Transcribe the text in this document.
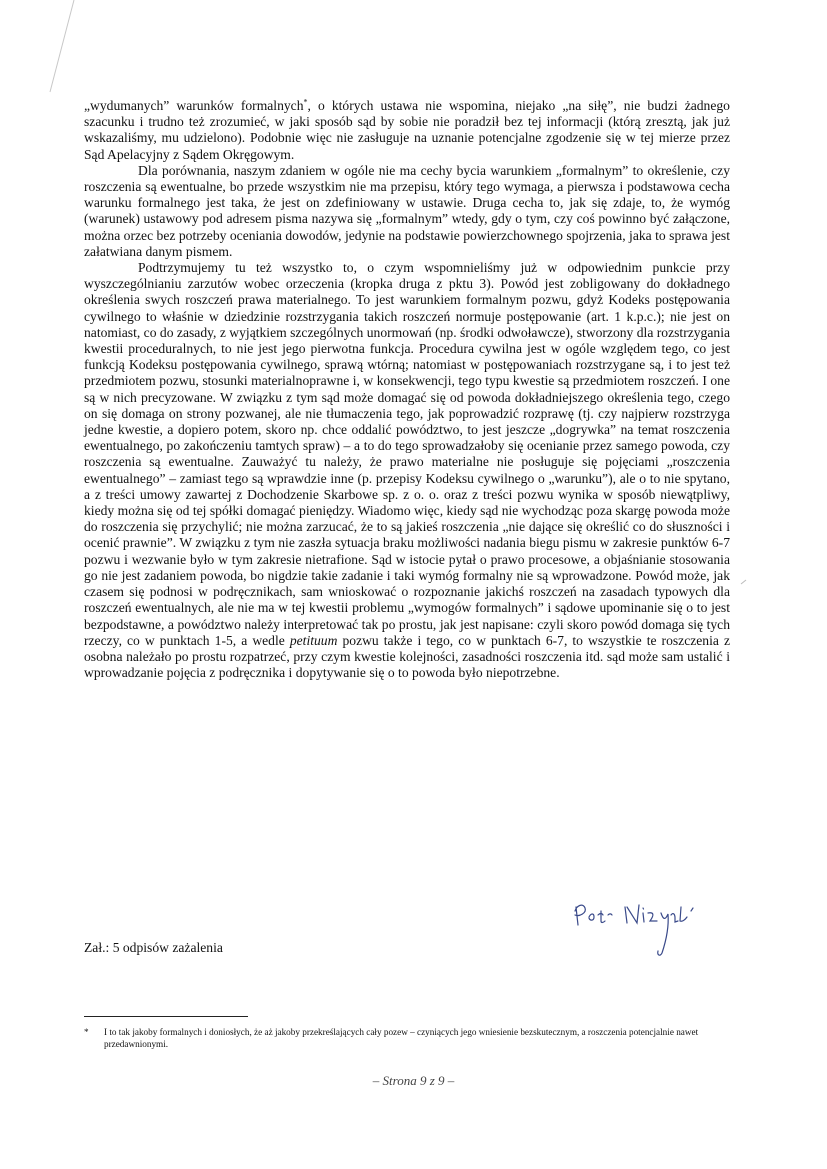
„wydumanych” warunków formalnych*, o których ustawa nie wspomina, niejako „na siłę”, nie budzi żadnego szacunku i trudno też zrozumieć, w jaki sposób sąd by sobie nie poradził bez tej informacji (którą zresztą, jak już wskazaliśmy, mu udzielono). Podobnie więc nie zasługuje na uznanie potencjalne zgodzenie się w tej mierze przez Sąd Apelacyjny z Sądem Okręgowym.

Dla porównania, naszym zdaniem w ogóle nie ma cechy bycia warunkiem „formalnym” to określenie, czy roszczenia są ewentualne, bo przede wszystkim nie ma przepisu, który tego wymaga, a pierwsza i podstawowa cecha warunku formalnego jest taka, że jest on zdefiniowany w ustawie. Druga cecha to, jak się zdaje, to, że wymóg (warunek) ustawowy pod adresem pisma nazywa się „formalnym” wtedy, gdy o tym, czy coś powinno być załączone, można orzec bez potrzeby oceniania dowodów, jedynie na podstawie powierzchownego spojrzenia, jaka to sprawa jest załatwiana danym pismem.

Podtrzymujemy tu też wszystko to, o czym wspomnieliśmy już w odpowiednim punkcie przy wyszczególnianiu zarzutów wobec orzeczenia (kropka druga z pktu 3). Powód jest zobligowany do dokładnego określenia swych roszczeń prawa materialnego. To jest warunkiem formalnym pozwu, gdyż Kodeks postępowania cywilnego to właśnie w dziedzinie rozstrzygania takich roszczeń normuje postępowanie (art. 1 k.p.c.); nie jest on natomiast, co do zasady, z wyjątkiem szczególnych unormowań (np. środki odwoławcze), stworzony dla rozstrzygania kwestii proceduralnych, to nie jest jego pierwotna funkcja. Procedura cywilna jest w ogóle względem tego, co jest funkcją Kodeksu postępowania cywilnego, sprawą wtórną; natomiast w postępowaniach rozstrzygane są, i to jest też przedmiotem pozwu, stosunki materialnoprawne i, w konsekwencji, tego typu kwestie są przedmiotem roszczeń. I one są w nich precyzowane. W związku z tym sąd może domagać się od powoda dokładniejszego określenia tego, czego on się domaga on strony pozwanej, ale nie tłumaczenia tego, jak poprowadzić rozprawę (tj. czy najpierw rozstrzyga jedne kwestie, a dopiero potem, skoro np. chce oddalić powództwo, to jest jeszcze „dogrywka” na temat roszczenia ewentualnego, po zakończeniu tamtych spraw) – a to do tego sprowadzałoby się ocenianie przez samego powoda, czy roszczenia są ewentualne. Zauważyć tu należy, że prawo materialne nie posługuje się pojęciami „roszczenia ewentualnego” – zamiast tego są wprawdzie inne (p. przepisy Kodeksu cywilnego o „warunku”), ale o to nie spytano, a z treści umowy zawartej z Dochodzenie Skarbowe sp. z o. o. oraz z treści pozwu wynika w sposób niewątpliwy, kiedy można się od tej spółki domagać pieniędzy. Wiadomo więc, kiedy sąd nie wychodząc poza skargę powoda może do roszczenia się przychylić; nie można zarzucać, że to są jakieś roszczenia „nie dające się określić co do słuszności i ocenić prawnie”. W związku z tym nie zaszła sytuacja braku możliwości nadania biegu pismu w zakresie punktów 6-7 pozwu i wezwanie było w tym zakresie nietrafione. Sąd w istocie pytał o prawo procesowe, a objaśnianie stosowania go nie jest zadaniem powoda, bo nigdzie takie zadanie i taki wymóg formalny nie są wprowadzone. Powód może, jak czasem się podnosi w podręcznikach, sam wnioskować o rozpoznanie jakichś roszczeń na zasadach typowych dla roszczeń ewentualnych, ale nie ma w tej kwestii problemu „wymogów formalnych” i sądowe upominanie się o to jest bezpodstawne, a powództwo należy interpretować tak po prostu, jak jest napisane: czyli skoro powód domaga się tych rzeczy, co w punktach 1-5, a wedle petituum pozwu także i tego, co w punktach 6-7, to wszystkie te roszczenia z osobna należało po prostu rozpatrzeć, przy czym kwestie kolejności, zasadności roszczenia itd. sąd może sam ustalić i wprowadzanie pojęcia z podręcznika i dopytywanie się o to powoda było niepotrzebne.

Zał.: 5 odpisów zażalenia
* I to tak jakoby formalnych i doniosłych, że aż jakoby przekreślających cały pozew – czyniących jego wniesienie bezskutecznym, a roszczenia potencjalnie nawet przedawnionymi.
– Strona 9 z 9 –
